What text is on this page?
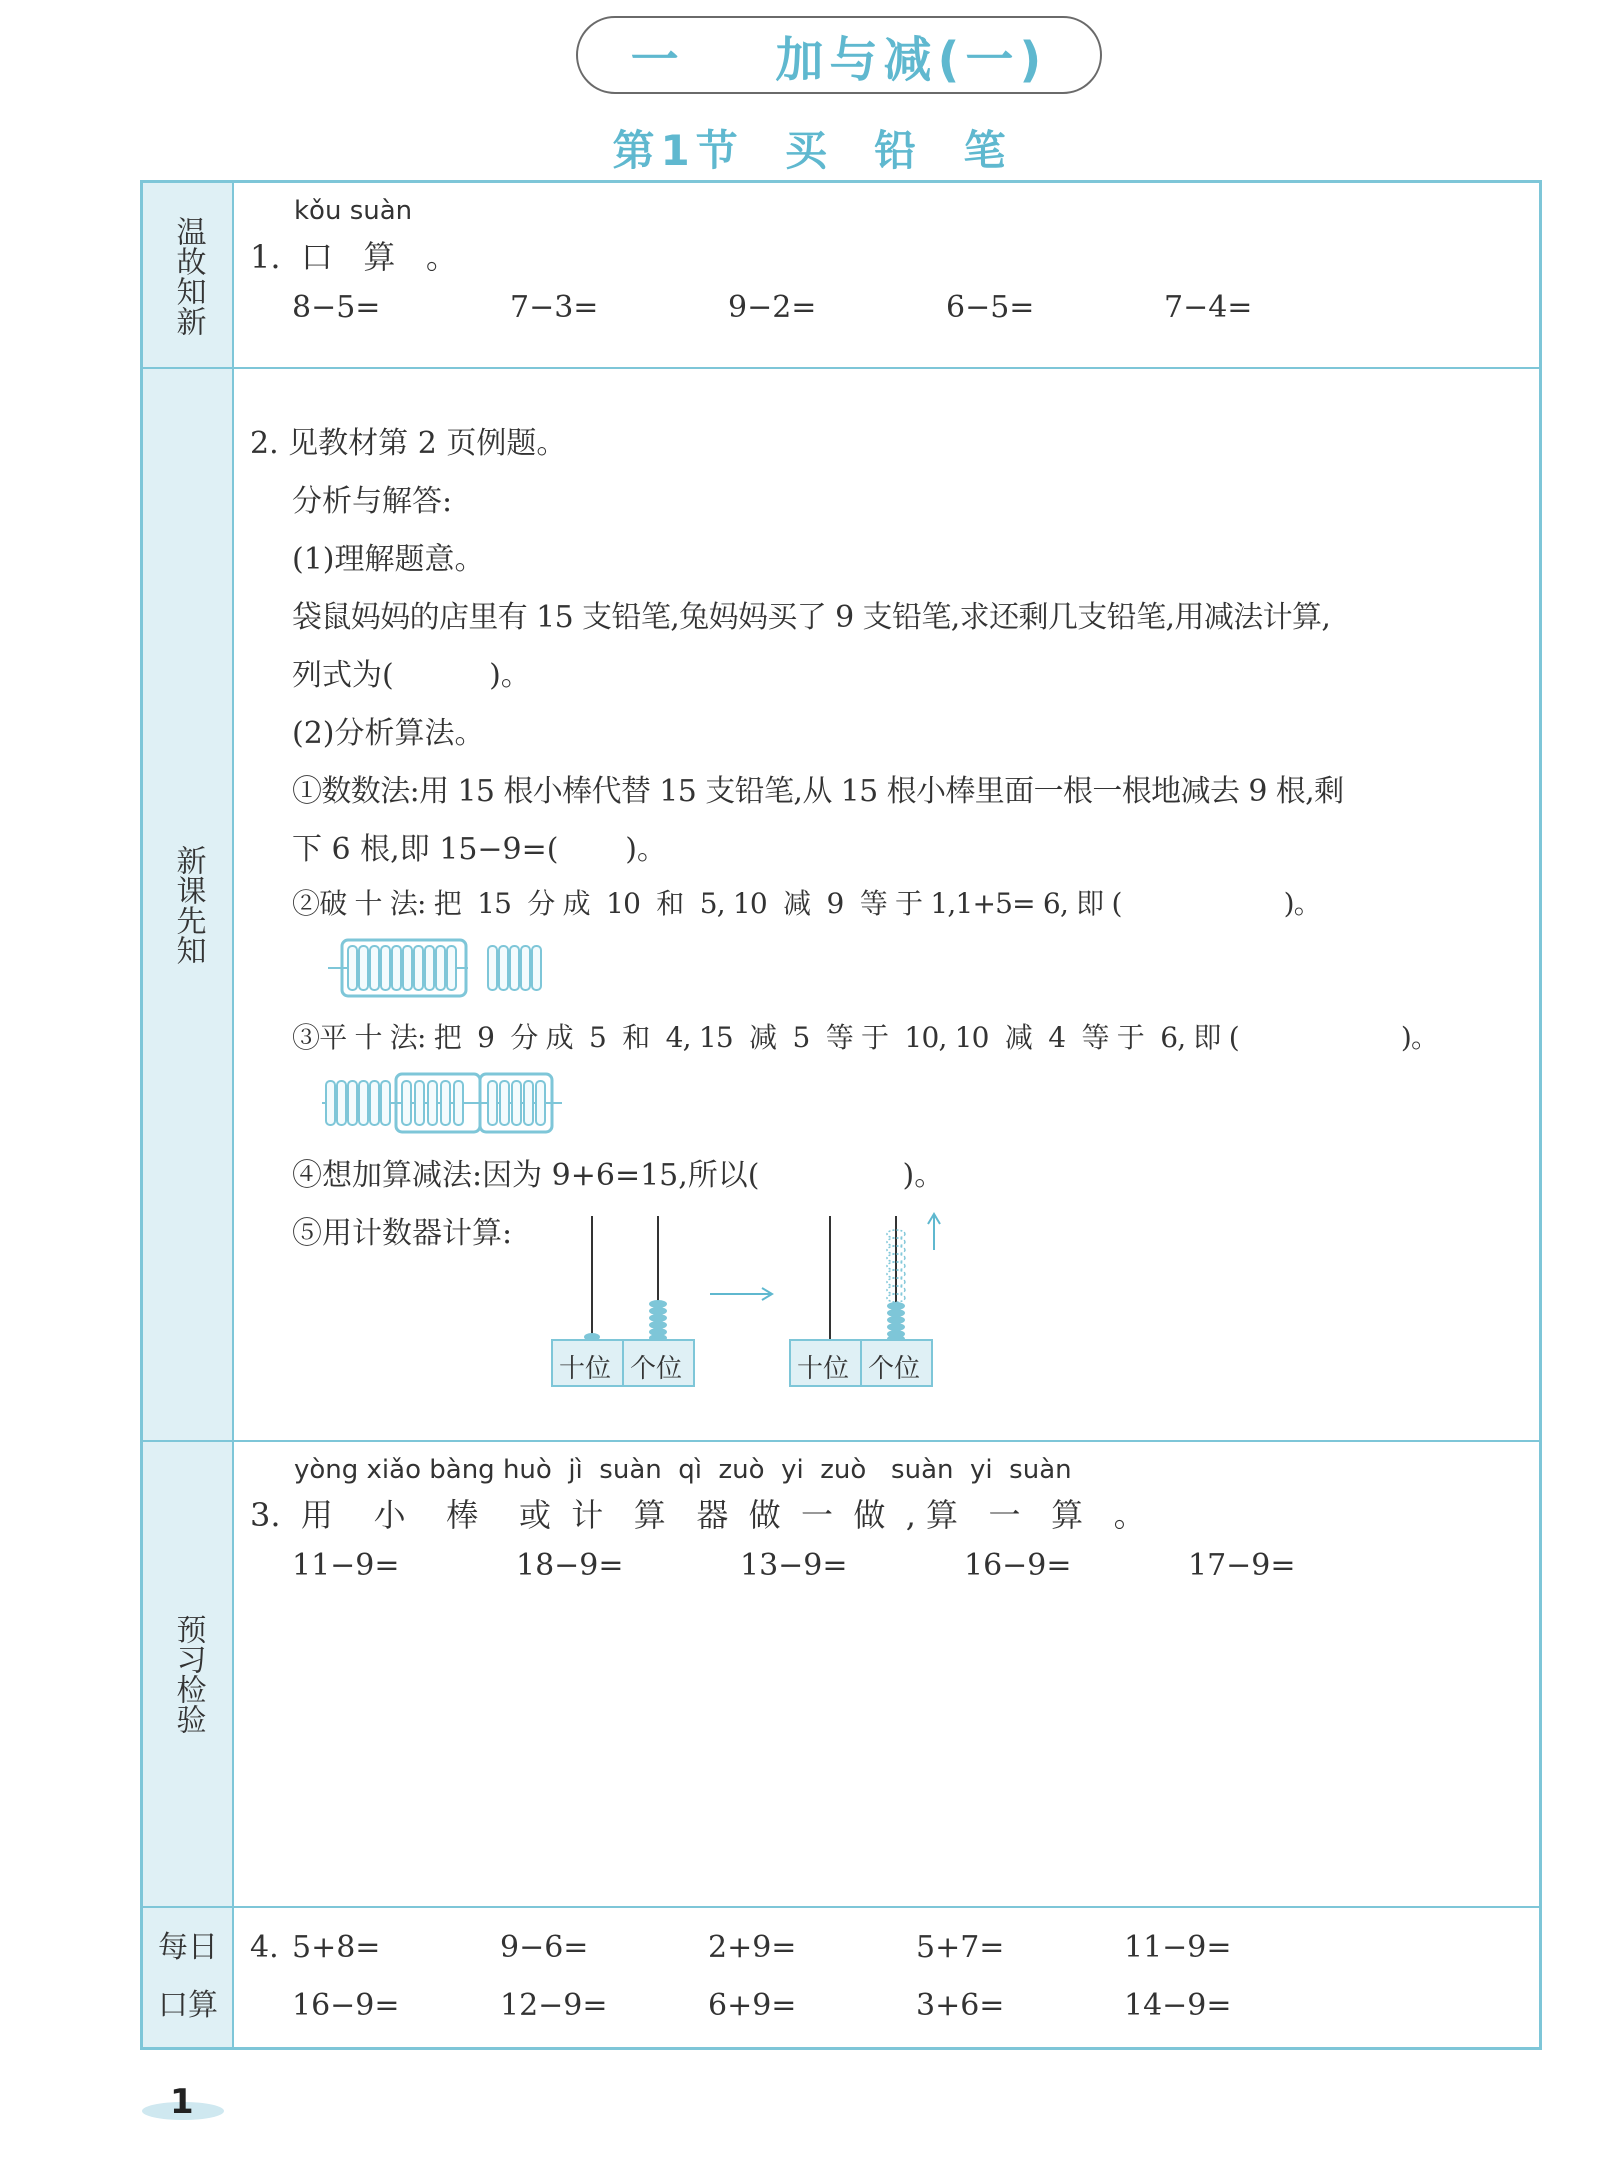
一    加与减(一)
第1节  买  铅  笔
温故知新
新课先知
预习检验
每日
口算
kǒu suàn
1.  口   算   。
8−5=	7−3=	9−2=	6−5=	7−4=
2. 见教材第 2 页例题。
分析与解答:
(1)理解题意。
袋鼠妈妈的店里有 15 支铅笔,兔妈妈买了 9 支铅笔,求还剩几支铅笔,用减法计算,
列式为(          )。
(2)分析算法。
①数数法:用 15 根小棒代替 15 支铅笔,从 15 根小棒里面一根一根地减去 9 根,剩
下 6 根,即 15−9=(       )。
②破 十 法: 把  15  分 成  10  和  5, 10  减  9  等 于 1,1+5= 6, 即 (                    )。
③平 十 法: 把  9  分 成  5  和  4, 15  减  5  等 于  10, 10  减  4  等 于  6, 即 (                    )。
④想加算减法:因为 9+6=15,所以(               )。
⑤用计数器计算:
十位 个位	十位 个位
yòng xiǎo bàng huò  jì  suàn  qì  zuò  yi  zuò   suàn  yi  suàn
3.  用    小    棒    或  计   算   器  做  一  做  , 算   一   算   。
11−9=	18−9=	13−9=	16−9=	17−9=
4. 5+8=	9−6=	2+9=	5+7=	11−9=
16−9=	12−9=	6+9=	3+6=	14−9=
1
